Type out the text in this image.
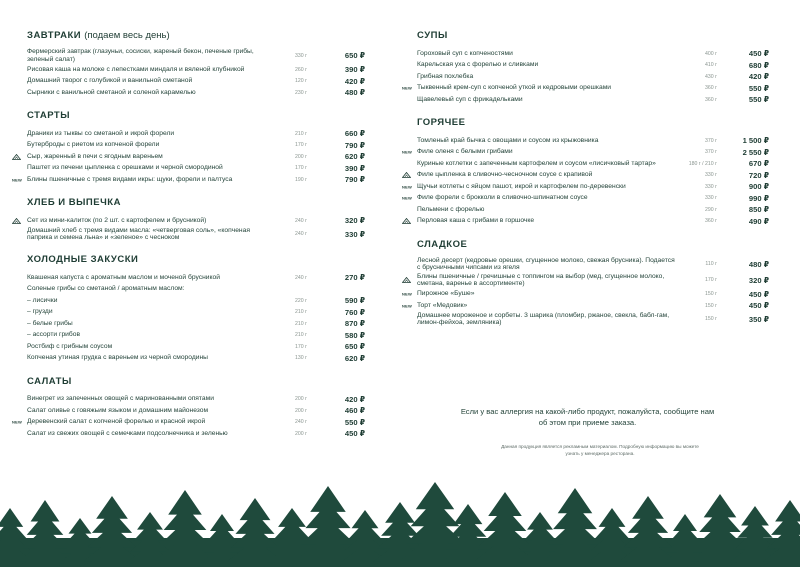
ЗАВТРАКИ (подаем весь день)
Фермерский завтрак (глазуньи, сосиски, жареный бекон, печеные грибы, зеленый салат)	330 г	650 ₽
Рисовая каша на молоке с лепестками миндаля и вяленой клубникой	260 г	390 ₽
Домашний творог с голубикой и ванильной сметаной	120 г	420 ₽
Сырники с ванильной сметаной и соленой карамелью	230 г	480 ₽
СТАРТЫ
Драники из тыквы со сметаной и икрой форели	210 г	660 ₽
Бутерброды с риетом из копченой форели	170 г	790 ₽
Сыр, жаренный в печи с ягодным вареньем	200 г	620 ₽
Паштет из печени цыпленка с орешками и черной смородиной	170 г	390 ₽
NEW Блины пшеничные с тремя видами икры: щуки, форели и палтуса	190 г	790 ₽
ХЛЕБ И ВЫПЕЧКА
Сет из мини-калиток (по 2 шт. с картофелем и брусникой)	240 г	320 ₽
Домашний хлеб с тремя видами масла: «четверговая соль», «копченая паприка и семена льна» и «зеленое» с чесноком	240 г	330 ₽
ХОЛОДНЫЕ ЗАКУСКИ
Квашеная капуста с ароматным маслом и моченой брусникой	240 г	270 ₽
Соленые грибы со сметаной / ароматным маслом:
– лисички	220 г	590 ₽
– грузди	210 г	760 ₽
– белые грибы	210 г	870 ₽
– ассорти грибов	210 г	580 ₽
Ростбиф с грибным соусом	170 г	650 ₽
Копченая утиная грудка с вареньем из черной смородины	130 г	620 ₽
САЛАТЫ
Винегрет из запеченных овощей с маринованными опятами	200 г	420 ₽
Салат оливье с говяжьим языком и домашним майонезом	200 г	460 ₽
NEW Деревенский салат с копченой форелью и красной икрой	240 г	550 ₽
Салат из свежих овощей с семечками подсолнечника и зеленью	200 г	450 ₽
СУПЫ
Гороховый суп с копченостями	400 г	450 ₽
Карельская уха с форелью и сливками	410 г	680 ₽
Грибная похлебка	430 г	420 ₽
NEW Тыквенный крем-суп с копченой уткой и кедровыми орешками	360 г	550 ₽
Щавелевый суп с фрикадельками	360 г	550 ₽
ГОРЯЧЕЕ
Томленый край бычка с овощами и соусом из крыжовника	370 г	1 500 ₽
NEW Филе оленя с белыми грибами	370 г	2 550 ₽
Куриные котлетки с запеченным картофелем и соусом «лисичковый тартар»	180 г / 210 г	670 ₽
Филе цыпленка в сливочно-чесночном соусе с крапивой	330 г	720 ₽
NEW Щучьи котлеты с яйцом пашот, икрой и картофелем по-деревенски	330 г	900 ₽
NEW Филе форели с брокколи в сливочно-шпинатном соусе	330 г	990 ₽
Пельмени с форелью	290 г	850 ₽
Перловая каша с грибами в горшочке	360 г	490 ₽
СЛАДКОЕ
Лесной десерт (кедровые орешки, сгущенное молоко, свежая брусника). Подается с брусничными чипсами из ягеля	110 г	480 ₽
Блины пшеничные / гречишные с топпингом на выбор (мед, сгущенное молоко, сметана, варенье в ассортименте)	170 г	320 ₽
NEW Пирожное «Буше»	150 г	450 ₽
NEW Торт «Медовик»	150 г	450 ₽
Домашнее мороженое и сорбеты. 3 шарика (пломбир, ржаное, свекла, бабл-гам, лимон-фейхоа, земляника)	150 г	350 ₽
Если у вас аллергия на какой-либо продукт, пожалуйста, сообщите нам об этом при приеме заказа.
Данная продукция является рекламным материалом. Подробную информацию вы можете узнать у менеджера ресторана.
